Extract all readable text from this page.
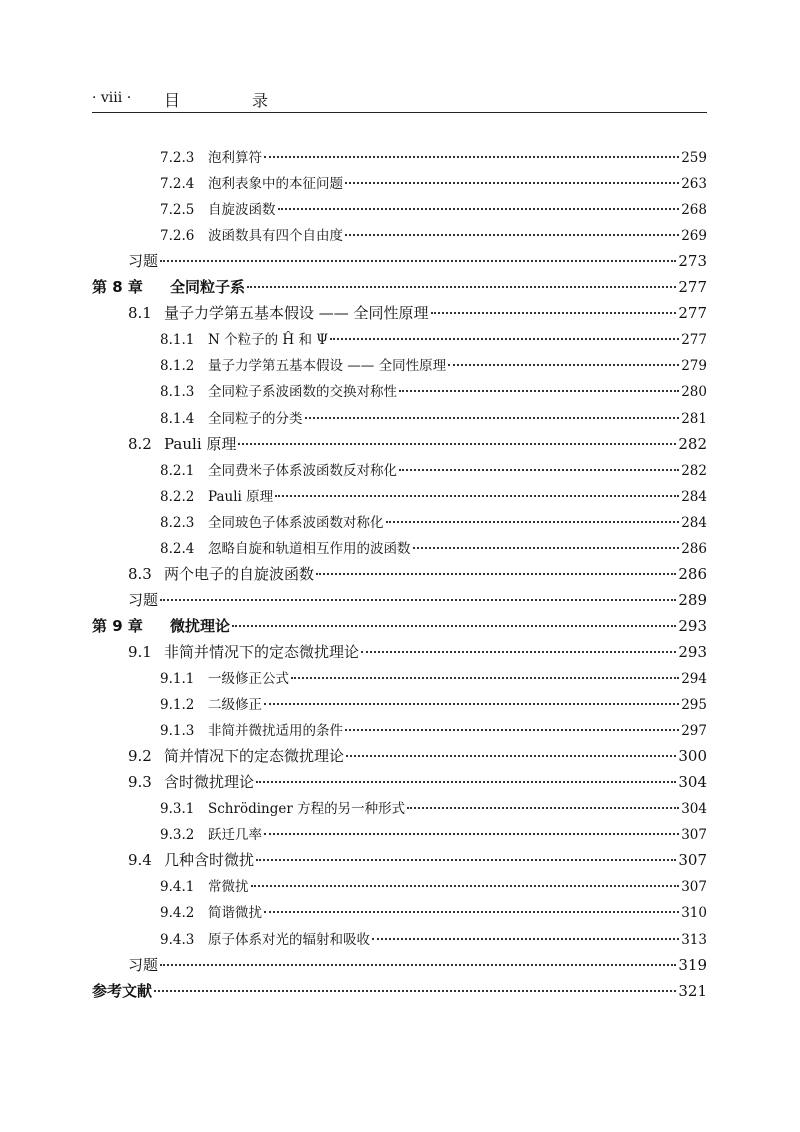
· viii · 目　录
7.2.3	泡利算符	259
7.2.4	泡利表象中的本征问题	263
7.2.5	自旋波函数	268
7.2.6	波函数具有四个自由度	269
习题	273
第 8 章	全同粒子系	277
8.1 量子力学第五基本假设 —— 全同性原理	277
8.1.1	N 个粒子的 Ĥ 和 Ψ	277
8.1.2	量子力学第五基本假设 —— 全同性原理	279
8.1.3	全同粒子系波函数的交换对称性	280
8.1.4	全同粒子的分类	281
8.2 Pauli 原理	282
8.2.1	全同费米子体系波函数反对称化	282
8.2.2	Pauli 原理	284
8.2.3	全同玻色子体系波函数对称化	284
8.2.4	忽略自旋和轨道相互作用的波函数	286
8.3 两个电子的自旋波函数	286
习题	289
第 9 章	微扰理论	293
9.1 非简并情况下的定态微扰理论	293
9.1.1	一级修正公式	294
9.1.2	二级修正	295
9.1.3	非简并微扰适用的条件	297
9.2 简并情况下的定态微扰理论	300
9.3 含时微扰理论	304
9.3.1	Schrödinger 方程的另一种形式	304
9.3.2	跃迁几率	307
9.4 几种含时微扰	307
9.4.1	常微扰	307
9.4.2	简谐微扰	310
9.4.3	原子体系对光的辐射和吸收	313
习题	319
参考文献	321
